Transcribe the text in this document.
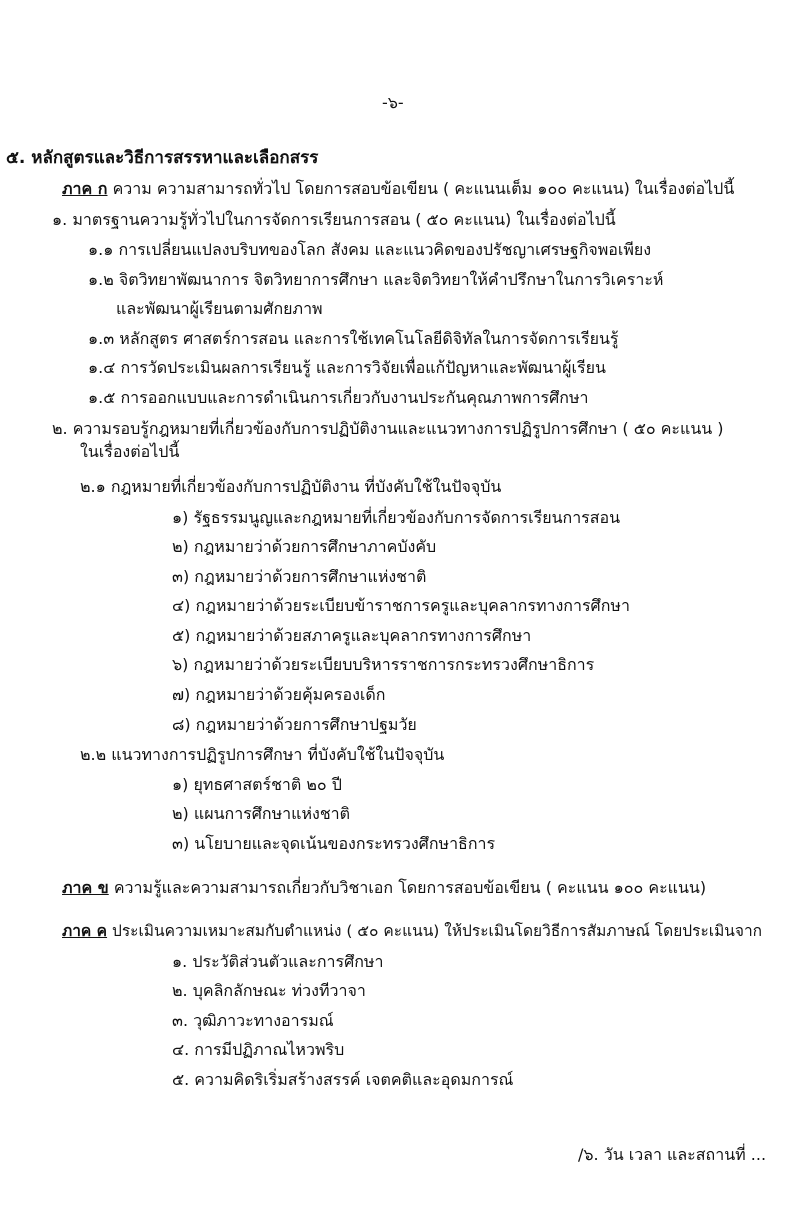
-๖-
๕. หลักสูตรและวิธีการสรรหาและเลือกสรร
ภาค ก ความ ความสามารถทั่วไป โดยการสอบข้อเขียน ( คะแนนเต็ม ๑๐๐ คะแนน) ในเรื่องต่อไปนี้
๑. มาตรฐานความรู้ทั่วไปในการจัดการเรียนการสอน ( ๕๐ คะแนน) ในเรื่องต่อไปนี้
๑.๑ การเปลี่ยนแปลงบริบทของโลก สังคม และแนวคิดของปรัชญาเศรษฐกิจพอเพียง
๑.๒ จิตวิทยาพัฒนาการ จิตวิทยาการศึกษา และจิตวิทยาให้คำปรึกษาในการวิเคราะห์
และพัฒนาผู้เรียนตามศักยภาพ
๑.๓ หลักสูตร ศาสตร์การสอน และการใช้เทคโนโลยีดิจิทัลในการจัดการเรียนรู้
๑.๔ การวัดประเมินผลการเรียนรู้ และการวิจัยเพื่อแก้ปัญหาและพัฒนาผู้เรียน
๑.๕ การออกแบบและการดำเนินการเกี่ยวกับงานประกันคุณภาพการศึกษา
๒. ความรอบรู้กฎหมายที่เกี่ยวข้องกับการปฏิบัติงานและแนวทางการปฏิรูปการศึกษา ( ๕๐ คะแนน )
ในเรื่องต่อไปนี้
๒.๑ กฎหมายที่เกี่ยวข้องกับการปฏิบัติงาน ที่บังคับใช้ในปัจจุบัน
๑) รัฐธรรมนูญและกฎหมายที่เกี่ยวข้องกับการจัดการเรียนการสอน
๒) กฎหมายว่าด้วยการศึกษาภาคบังคับ
๓) กฎหมายว่าด้วยการศึกษาแห่งชาติ
๔) กฎหมายว่าด้วยระเบียบข้าราชการครูและบุคลากรทางการศึกษา
๕) กฎหมายว่าด้วยสภาครูและบุคลากรทางการศึกษา
๖) กฎหมายว่าด้วยระเบียบบริหารราชการกระทรวงศึกษาธิการ
๗) กฎหมายว่าด้วยคุ้มครองเด็ก
๘) กฎหมายว่าด้วยการศึกษาปฐมวัย
๒.๒ แนวทางการปฏิรูปการศึกษา ที่บังคับใช้ในปัจจุบัน
๑) ยุทธศาสตร์ชาติ ๒๐ ปี
๒) แผนการศึกษาแห่งชาติ
๓) นโยบายและจุดเน้นของกระทรวงศึกษาธิการ
ภาค ข ความรู้และความสามารถเกี่ยวกับวิชาเอก โดยการสอบข้อเขียน ( คะแนน ๑๐๐ คะแนน)
ภาค ค ประเมินความเหมาะสมกับตำแหน่ง ( ๕๐ คะแนน) ให้ประเมินโดยวิธีการสัมภาษณ์ โดยประเมินจาก
๑. ประวัติส่วนตัวและการศึกษา
๒. บุคลิกลักษณะ ท่วงทีวาจา
๓. วุฒิภาวะทางอารมณ์
๔. การมีปฏิภาณไหวพริบ
๕. ความคิดริเริ่มสร้างสรรค์ เจตคติและอุดมการณ์
/๖. วัน เวลา และสถานที่ ...
